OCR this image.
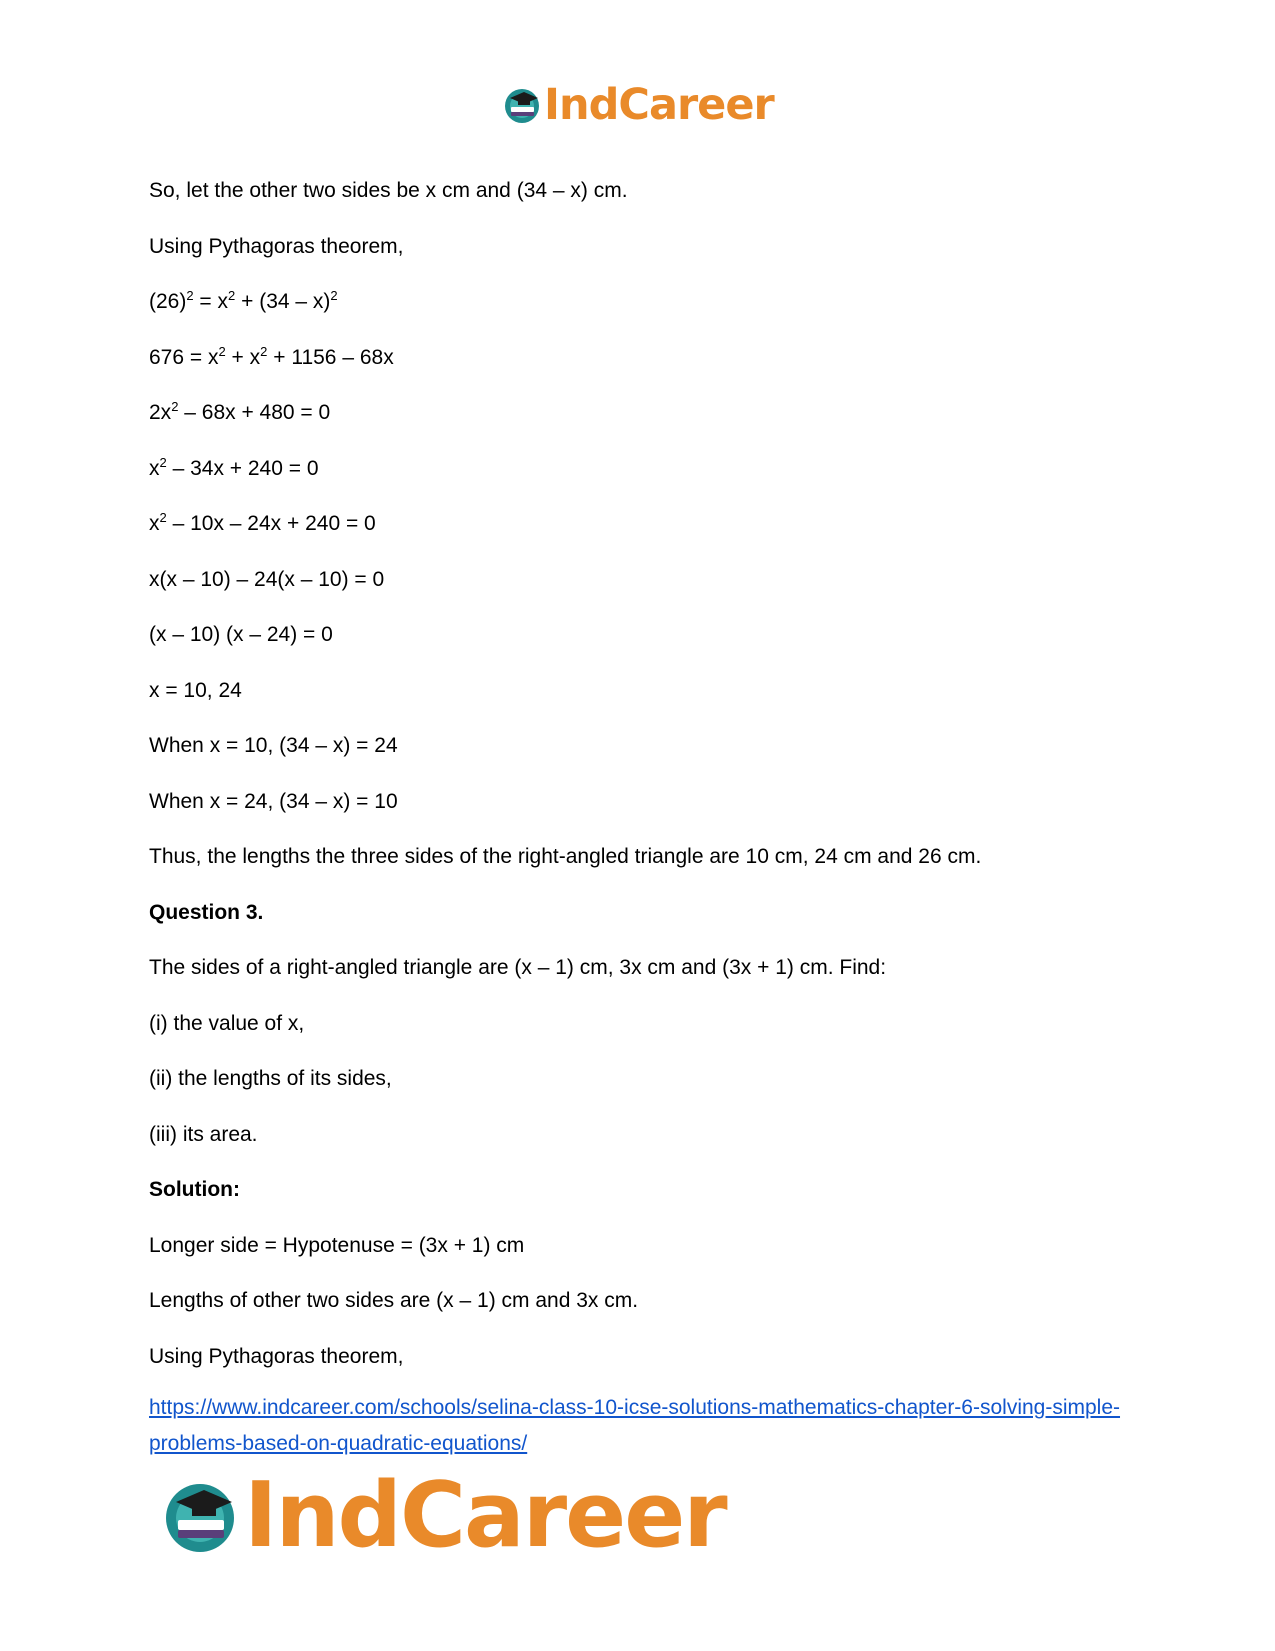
IndCareer
So, let the other two sides be x cm and (34 – x) cm.
Using Pythagoras theorem,
$(26)^2 = x^2 + (34 - x)^2$
$676 = x^2 + x^2 + 1156 - 68x$
$2x^2 - 68x + 480 = 0$
$x^2 - 34x + 240 = 0$
$x^2 - 10x - 24x + 240 = 0$
x(x – 10) – 24(x – 10) = 0
(x – 10) (x – 24) = 0
x = 10, 24
When x = 10, (34 – x) = 24
When x = 24, (34 – x) = 10
Thus, the lengths the three sides of the right-angled triangle are 10 cm, 24 cm and 26 cm.
Question 3.
The sides of a right-angled triangle are (x – 1) cm, 3x cm and (3x + 1) cm. Find:
(i) the value of x,
(ii) the lengths of its sides,
(iii) its area.
Solution:
Longer side = Hypotenuse = (3x + 1) cm
Lengths of other two sides are (x – 1) cm and 3x cm.
Using Pythagoras theorem,
https://www.indcareer.com/schools/selina-class-10-icse-solutions-mathematics-chapter-6-solving-simple-problems-based-on-quadratic-equations/
IndCareer
